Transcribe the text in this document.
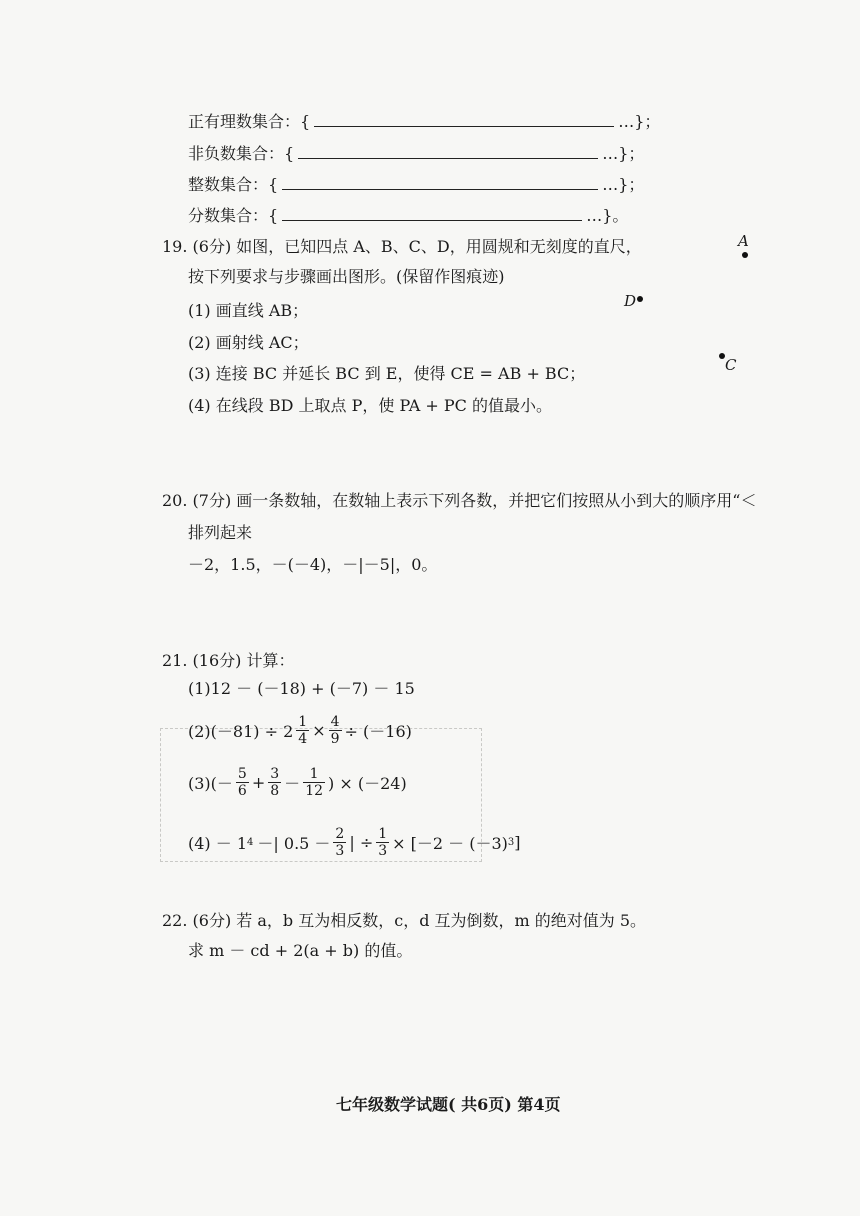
正有理数集合：{	…}；
非负数集合：{	…}；
整数集合：{	…}；
分数集合：{	…}。
19. (6分) 如图，已知四点 A、B、C、D，用圆规和无刻度的直尺，
按下列要求与步骤画出图形。(保留作图痕迹)
(1) 画直线 AB；
(2) 画射线 AC；
(3) 连接 BC 并延长 BC 到 E，使得 CE = AB + BC；
(4) 在线段 BD 上取点 P，使 PA + PC 的值最小。
A
D
C
20. (7分) 画一条数轴，在数轴上表示下列各数，并把它们按照从小到大的顺序用“＜
排列起来
－2，1.5，－(－4)，－|－5|，0。
21. (16分) 计算：
(1)12 － (－18) + (－7) － 15
$(2)(-81) \div 2 \frac{1}{4} \times \frac{4}{9} \div (-16)$
$(3)(- \frac{5}{6} + \frac{3}{8} - \frac{1}{12}$ ) × (－24)
(4) － 1 4 －| $0.5 - \frac{2}{3}$ | ÷ $\frac{1}{3} \times [-2 - (-3)$ 3 ]
22. (6分) 若 a，b 互为相反数，c，d 互为倒数，m 的绝对值为 5。
求 m － cd + 2(a + b) 的值。
七年级数学试题( 共6页) 第4页
